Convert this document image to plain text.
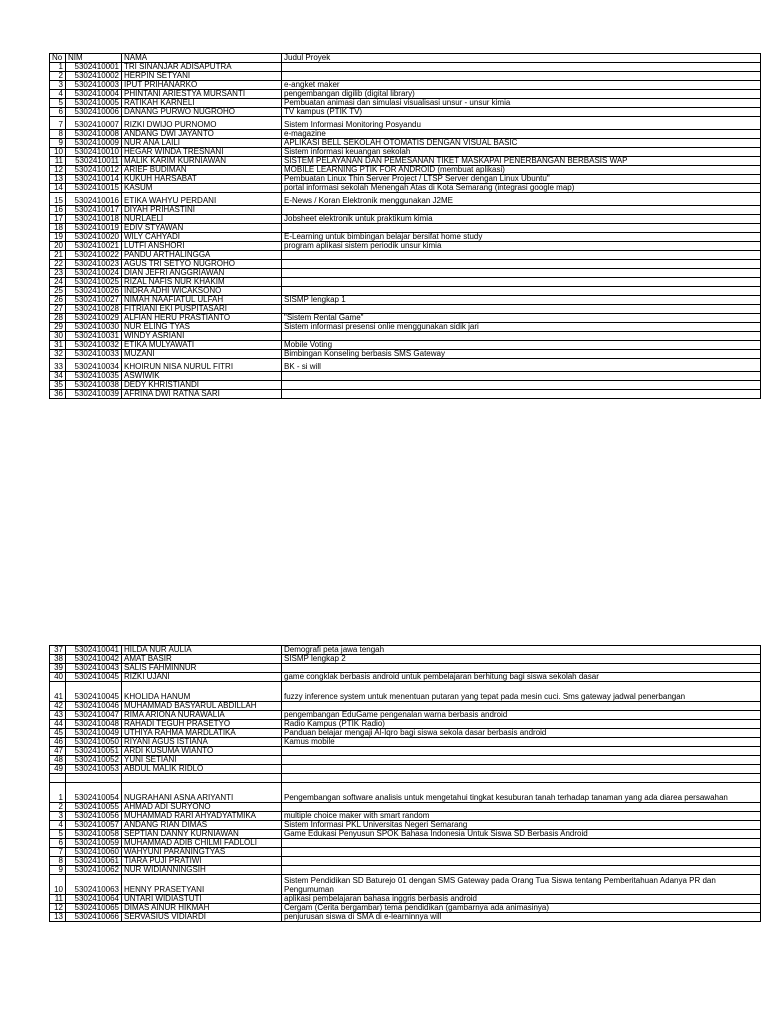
No	NIM	NAMA	Judul Proyek
1	5302410001	TRI SINANJAR ADISAPUTRA	
2	5302410002	HERPIN SETYANI	
3	5302410003	IPUT PRIHANARKO	e-angket maker
4	5302410004	PHINTANI ARIESTYA MURSANTI	pengembangan digilib (digital library)
5	5302410005	RATIKAH KARNELI	Pembuatan animasi dan simulasi visualisasi unsur - unsur kimia
6	5302410006	DANANG PURWO NUGROHO	TV kampus (PTIK TV)
7	5302410007	RIZKI DWIJO PURNOMO	Sistem Informasi Monitoring Posyandu
8	5302410008	ANDANG DWI JAYANTO	e-magazine
9	5302410009	NUR ANA LAILI	APLIKASI BELL SEKOLAH OTOMATIS DENGAN VISUAL BASIC
10	5302410010	HEGAR WINDA TRESNANI	Sistem informasi keuangan sekolah
11	5302410011	MALIK KARIM KURNIAWAN	SISTEM PELAYANAN DAN PEMESANAN TIKET MASKAPAI PENERBANGAN BERBASIS WAP
12	5302410012	ARIEF BUDIMAN	MOBILE LEARNING PTIK FOR ANDROID (membuat aplikasi)
13	5302410014	KUKUH HARSABAT	Pembuatan Linux Thin Server Project / LTSP Server dengan Linux Ubuntu"
14	5302410015	KASUM	portal informasi sekolah Menengah Atas di Kota Semarang (integrasi google map)
15	5302410016	ETIKA WAHYU PERDANI	E-News / Koran Elektronik menggunakan J2ME
16	5302410017	DIYAH PRIHASTINI	
17	5302410018	NURLAELI	Jobsheet elektronik untuk praktikum kimia
18	5302410019	EDIV STYAWAN	
19	5302410020	WILY CAHYADI	E-Learning untuk bimbingan belajar bersifat home study
20	5302410021	LUTFI ANSHORI	program aplikasi sistem periodik unsur kimia
21	5302410022	PANDU ARTHALINGGA	
22	5302410023	AGUS TRI SETYO NUGROHO	
23	5302410024	DIAN JEFRI ANGGRIAWAN	
24	5302410025	RIZAL NAFIS NUR KHAKIM	
25	5302410026	INDRA ADHI WICAKSONO	
26	5302410027	NIMAH NAAFIATUL ULFAH	SISMP lengkap 1
27	5302410028	FITRIANI EKI PUSPITASARI	
28	5302410029	ALFIAN HERU PRASTIANTO	"Sistem Rental Game"
29	5302410030	NUR ELING TYAS	Sistem informasi presensi onlie menggunakan sidik jari
30	5302410031	WINDY ASRIANI	
31	5302410032	ETIKA MULYAWATI	Mobile Voting
32	5302410033	MUZANI	Bimbingan Konseling berbasis SMS Gateway
33	5302410034	KHOIRUN NISA NURUL FITRI	BK - si will
34	5302410035	ASWIWIK	
35	5302410038	DEDY KHRISTIANDI	
36	5302410039	AFRINA DWI RATNA SARI	
37	5302410041	HILDA NUR AULIA	Demografi peta jawa tengah
38	5302410042	AMAT BASIR	SISMP lengkap 2
39	5302410043	SALIS FAHMINNUR	
40	5302410045	RIZKI UJANI	game congklak berbasis android untuk pembelajaran berhitung bagi siswa sekolah dasar
41	5302410045	KHOLIDA HANUM	fuzzy inference system untuk menentuan putaran yang tepat pada mesin cuci. Sms gateway jadwal penerbangan
42	5302410046	MUHAMMAD BASYARUL ABDILLAH	
43	5302410047	RIMA ARIONA NURAWALIA	pengembangan EduGame pengenalan warna berbasis android
44	5302410048	RAHADI TEGUH PRASETYO	Radio Kampus (PTIK Radio)
45	5302410049	UTHIYA RAHMA MARDLATIKA	Panduan belajar mengaji Al-Iqro bagi siswa sekola dasar berbasis android
46	5302410050	RIYANI AGUS ISTIANA	Kamus mobile
47	5302410051	ARDI KUSUMA WIANTO	
48	5302410052	YUNI SETIANI	
49	5302410053	ABDUL MALIK RIDLO	

1	5302410054	NUGRAHANI ASNA ARIYANTI	Pengembangan software analisis untuk mengetahui tingkat kesuburan tanah terhadap tanaman yang ada diarea persawahan
2	5302410055	AHMAD ADI SURYONO	
3	5302410056	MUHAMMAD RARI AHYADYATMIKA	multiple choice maker with smart random
4	5302410057	ANDANG RIAN DIMAS	Sistem Informasi PKL Universitas Negeri Semarang
5	5302410058	SEPTIAN DANNY KURNIAWAN	Game Edukasi Penyusun SPOK Bahasa Indonesia Untuk Siswa SD Berbasis Android
6	5302410059	MUHAMMAD ADIB CHILMI FADLOLI	
7	5302410060	WAHYUNI PARANINGTYAS	
8	5302410061	TIARA PUJI PRATIWI	
9	5302410062	NUR WIDIANNINGSIH	
10	5302410063	HENNY PRASETYANI	Sistem Pendidikan SD Baturejo 01 dengan SMS Gateway pada Orang Tua Siswa tentang Pemberitahuan Adanya PR dan Pengumuman
11	5302410064	UNTARI WIDIASTUTI	aplikasi pembelajaran bahasa inggris berbasis android
12	5302410065	DIMAS AINUR HIKMAH	Cergam (Cerita bergambar) tema pendidikan (gambarnya ada animasinya)
13	5302410066	SERVASIUS VIDIARDI	penjurusan siswa di SMA di e-learninnya will
